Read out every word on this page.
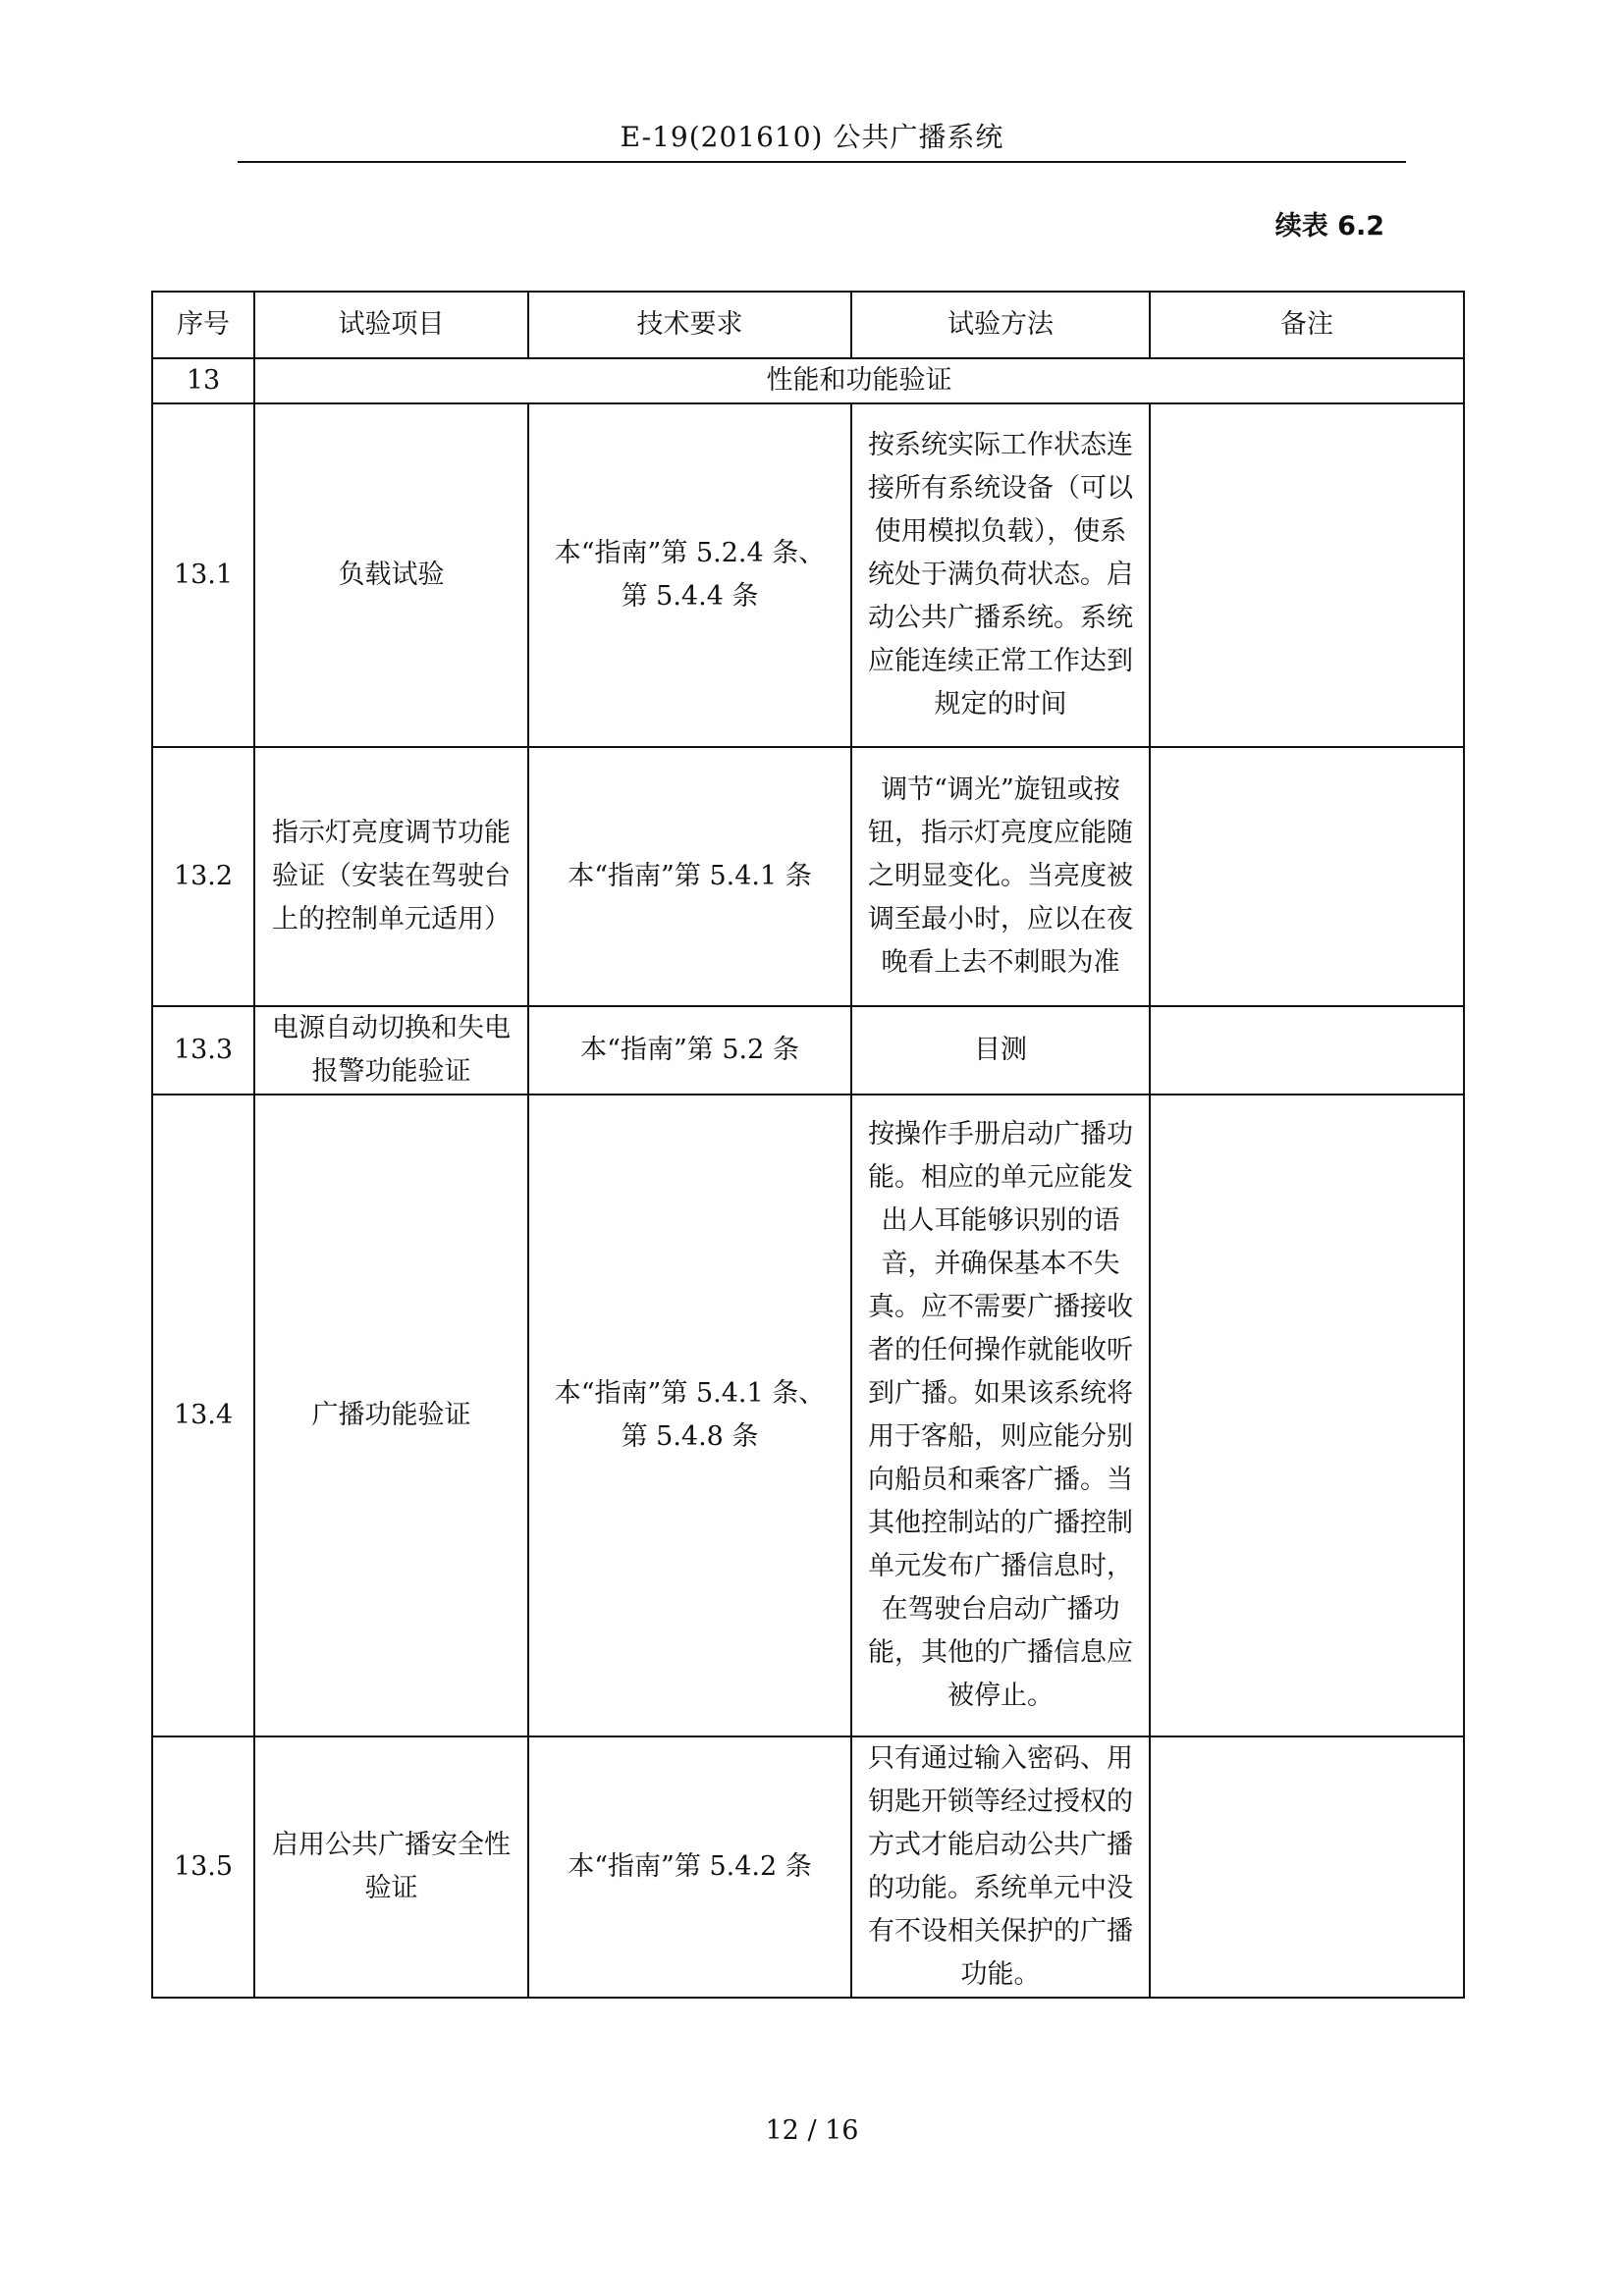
E-19(201610) 公共广播系统
续表 6.2
序号	试验项目	技术要求	试验方法	备注
13	性能和功能验证			
13.1	负载试验	本“指南”第 5.2.4 条、第 5.4.4 条	按系统实际工作状态连接所有系统设备（可以使用模拟负载），使系统处于满负荷状态。启动公共广播系统。系统应能连续正常工作达到规定的时间	
13.2	指示灯亮度调节功能验证（安装在驾驶台上的控制单元适用）	本“指南”第 5.4.1 条	调节“调光”旋钮或按钮，指示灯亮度应能随之明显变化。当亮度被调至最小时，应以在夜晚看上去不刺眼为准	
13.3	电源自动切换和失电报警功能验证	本“指南”第 5.2 条	目测	
13.4	广播功能验证	本“指南”第 5.4.1 条、第 5.4.8 条	按操作手册启动广播功能。相应的单元应能发出人耳能够识别的语音，并确保基本不失真。应不需要广播接收者的任何操作就能收听到广播。如果该系统将用于客船，则应能分别向船员和乘客广播。当其他控制站的广播控制单元发布广播信息时，在驾驶台启动广播功能，其他的广播信息应被停止。	
13.5	启用公共广播安全性验证	本“指南”第 5.4.2 条	只有通过输入密码、用钥匙开锁等经过授权的方式才能启动公共广播的功能。系统单元中没有不设相关保护的广播功能。	
12 / 16
